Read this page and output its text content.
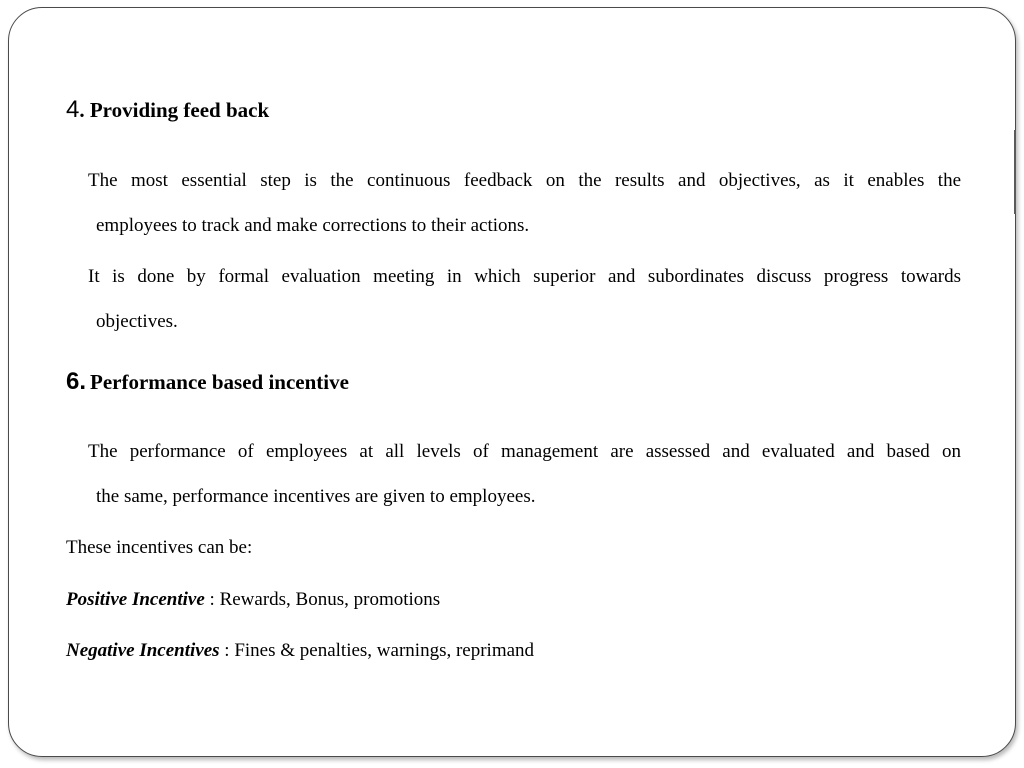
4. Providing feed back
The most essential step is the continuous feedback on the results and objectives, as it enables the
employees to track and make corrections to their actions.
It is done by formal evaluation meeting in which superior and subordinates discuss progress towards
objectives.
6. Performance based incentive
The performance of employees at all levels of management are assessed and evaluated and based on
the same, performance incentives are given to employees.
These incentives can be:
Positive Incentive : Rewards, Bonus, promotions
Negative Incentives : Fines & penalties, warnings, reprimand
